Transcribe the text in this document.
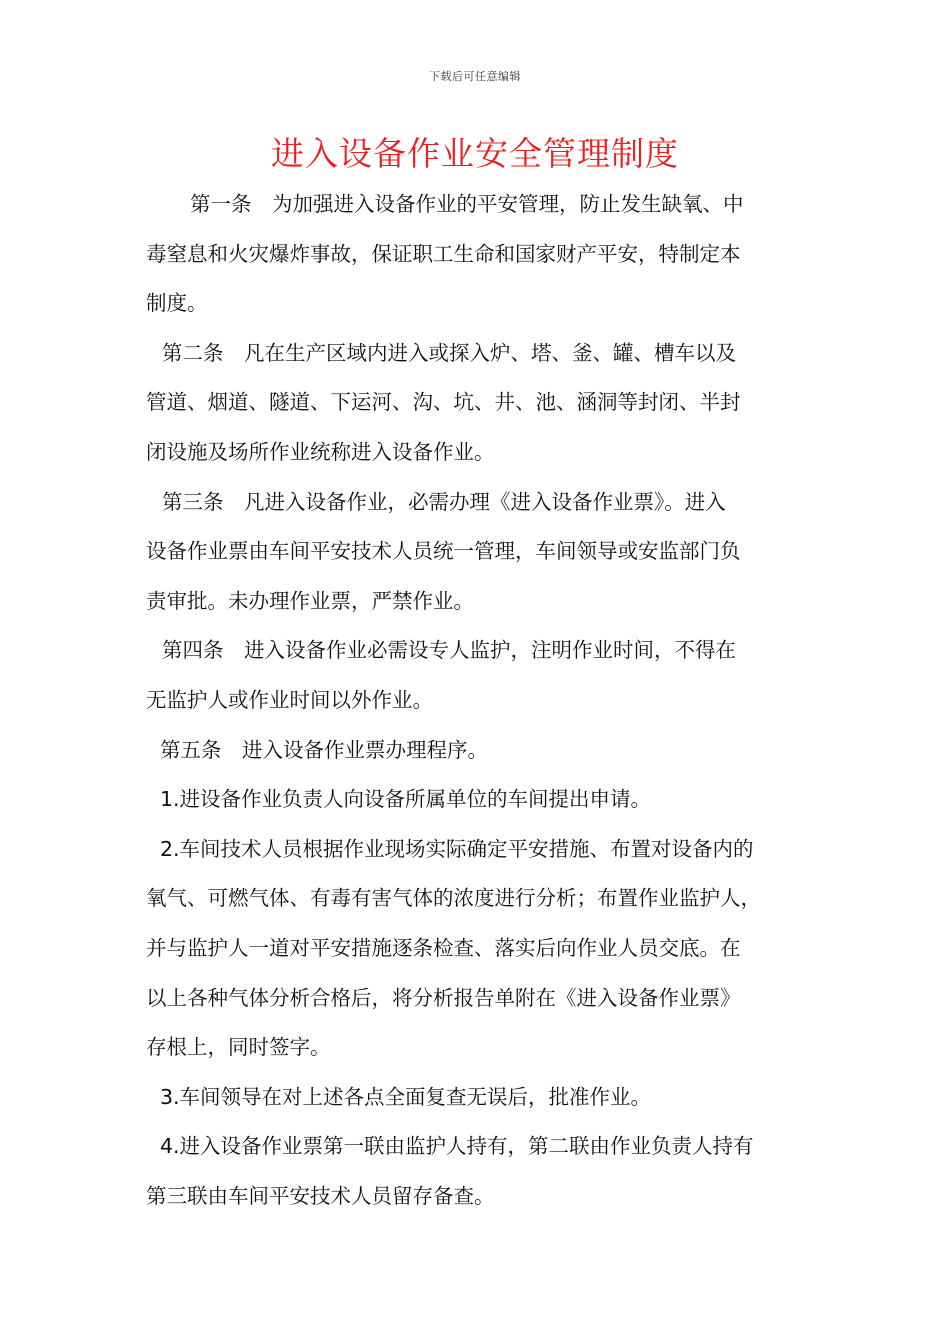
下载后可任意编辑
进入设备作业安全管理制度
第一条　为加强进入设备作业的平安管理，防止发生缺氧、中
毒窒息和火灾爆炸事故，保证职工生命和国家财产平安，特制定本
制度。
第二条　凡在生产区域内进入或探入炉、塔、釜、罐、槽车以及
管道、烟道、隧道、下运河、沟、坑、井、池、涵洞等封闭、半封
闭设施及场所作业统称进入设备作业。
第三条　凡进入设备作业，必需办理《进入设备作业票》。进入
设备作业票由车间平安技术人员统一管理，车间领导或安监部门负
责审批。未办理作业票，严禁作业。
第四条　进入设备作业必需设专人监护，注明作业时间，不得在
无监护人或作业时间以外作业。
第五条　进入设备作业票办理程序。
1.进设备作业负责人向设备所属单位的车间提出申请。
2.车间技术人员根据作业现场实际确定平安措施、布置对设备内的
氧气、可燃气体、有毒有害气体的浓度进行分析；布置作业监护人，
并与监护人一道对平安措施逐条检查、落实后向作业人员交底。在
以上各种气体分析合格后，将分析报告单附在《进入设备作业票》
存根上，同时签字。
3.车间领导在对上述各点全面复查无误后，批准作业。
4.进入设备作业票第一联由监护人持有，第二联由作业负责人持有
第三联由车间平安技术人员留存备查。
